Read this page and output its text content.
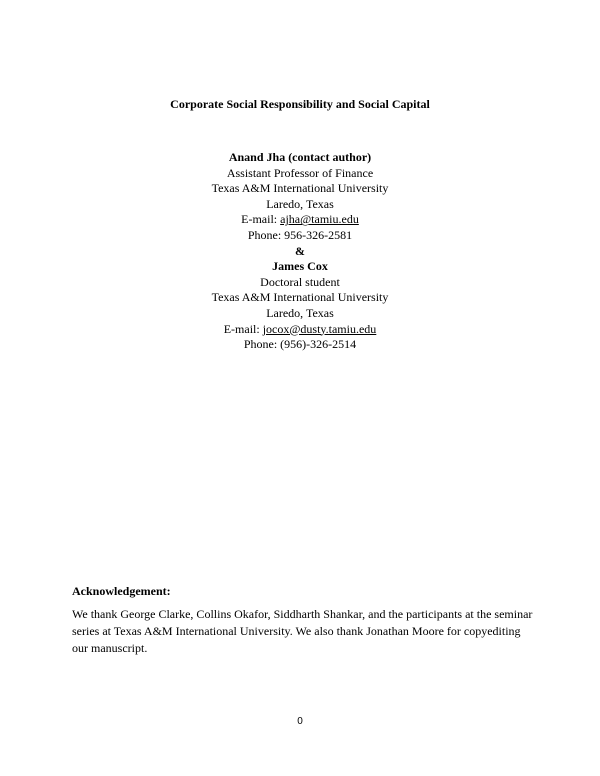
Corporate Social Responsibility and Social Capital
Anand Jha (contact author)
Assistant Professor of Finance
Texas A&M International University
Laredo, Texas
E-mail: ajha@tamiu.edu
Phone: 956-326-2581
&
James Cox
Doctoral student
Texas A&M International University
Laredo, Texas
E-mail: jocox@dusty.tamiu.edu
Phone: (956)-326-2514
Acknowledgement:
We thank George Clarke, Collins Okafor, Siddharth Shankar, and the participants at the seminar
series at Texas A&M International University. We also thank Jonathan Moore for copyediting
our manuscript.
0
